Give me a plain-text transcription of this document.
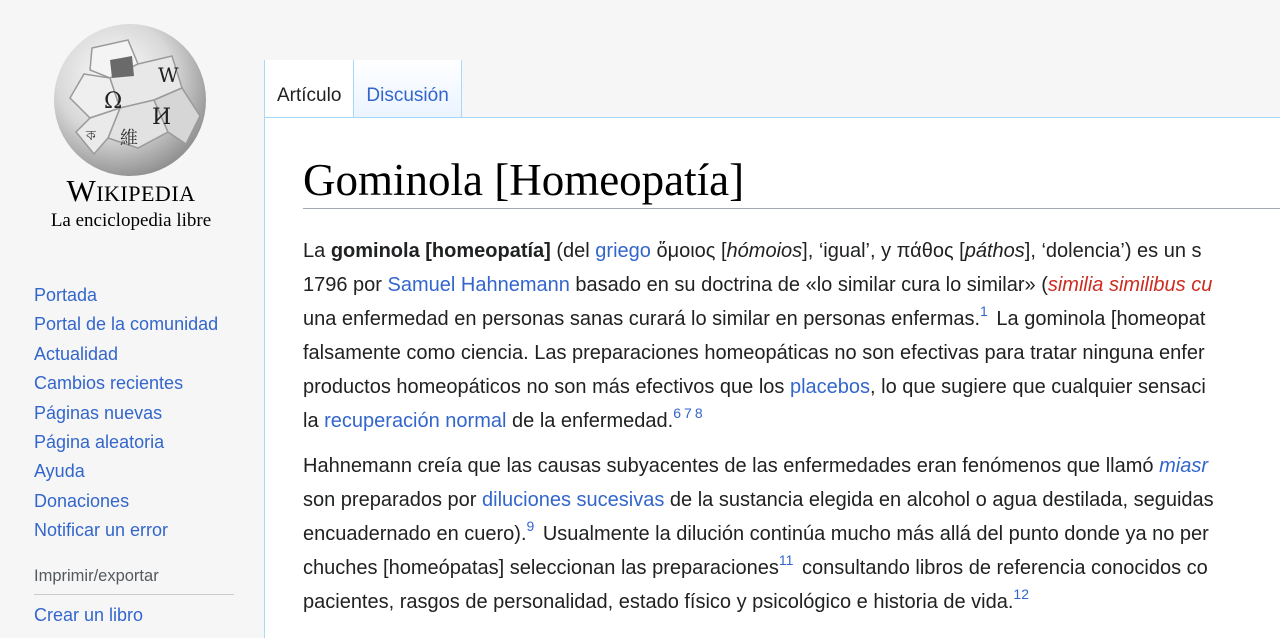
W
Ω
И
維
ক
Wikipedia
La enciclopedia libre
Portada
Portal de la comunidad
Actualidad
Cambios recientes
Páginas nuevas
Página aleatoria
Ayuda
Donaciones
Notificar un error
Imprimir/exportar
Crear un libro
Artículo	Discusión
Gominola [Homeopatía]
La gominola [homeopatía] (del griego ὅμοιος [hómoios], ‘igual’, y πάθος [páthos], ‘dolencia’) es un s
1796 por Samuel Hahnemann basado en su doctrina de «lo similar cura lo similar» (similia similibus cu
una enfermedad en personas sanas curará lo similar en personas enfermas.$^1$ La gominola [homeopat
falsamente como ciencia. Las preparaciones homeopáticas no son efectivas para tratar ninguna enfer
productos homeopáticos no son más efectivos que los placebos, lo que sugiere que cualquier sensaci
la recuperación normal de la enfermedad.$^{6 7 8}$
Hahnemann creía que las causas subyacentes de las enfermedades eran fenómenos que llamó miasr
son preparados por diluciones sucesivas de la sustancia elegida en alcohol o agua destilada, seguidas
encuadernado en cuero).$^9$ Usualmente la dilución continúa mucho más allá del punto donde ya no per
chuches [homeópatas] seleccionan las preparaciones$^{11}$ consultando libros de referencia conocidos co
pacientes, rasgos de personalidad, estado físico y psicológico e historia de vida.$^{12}$
